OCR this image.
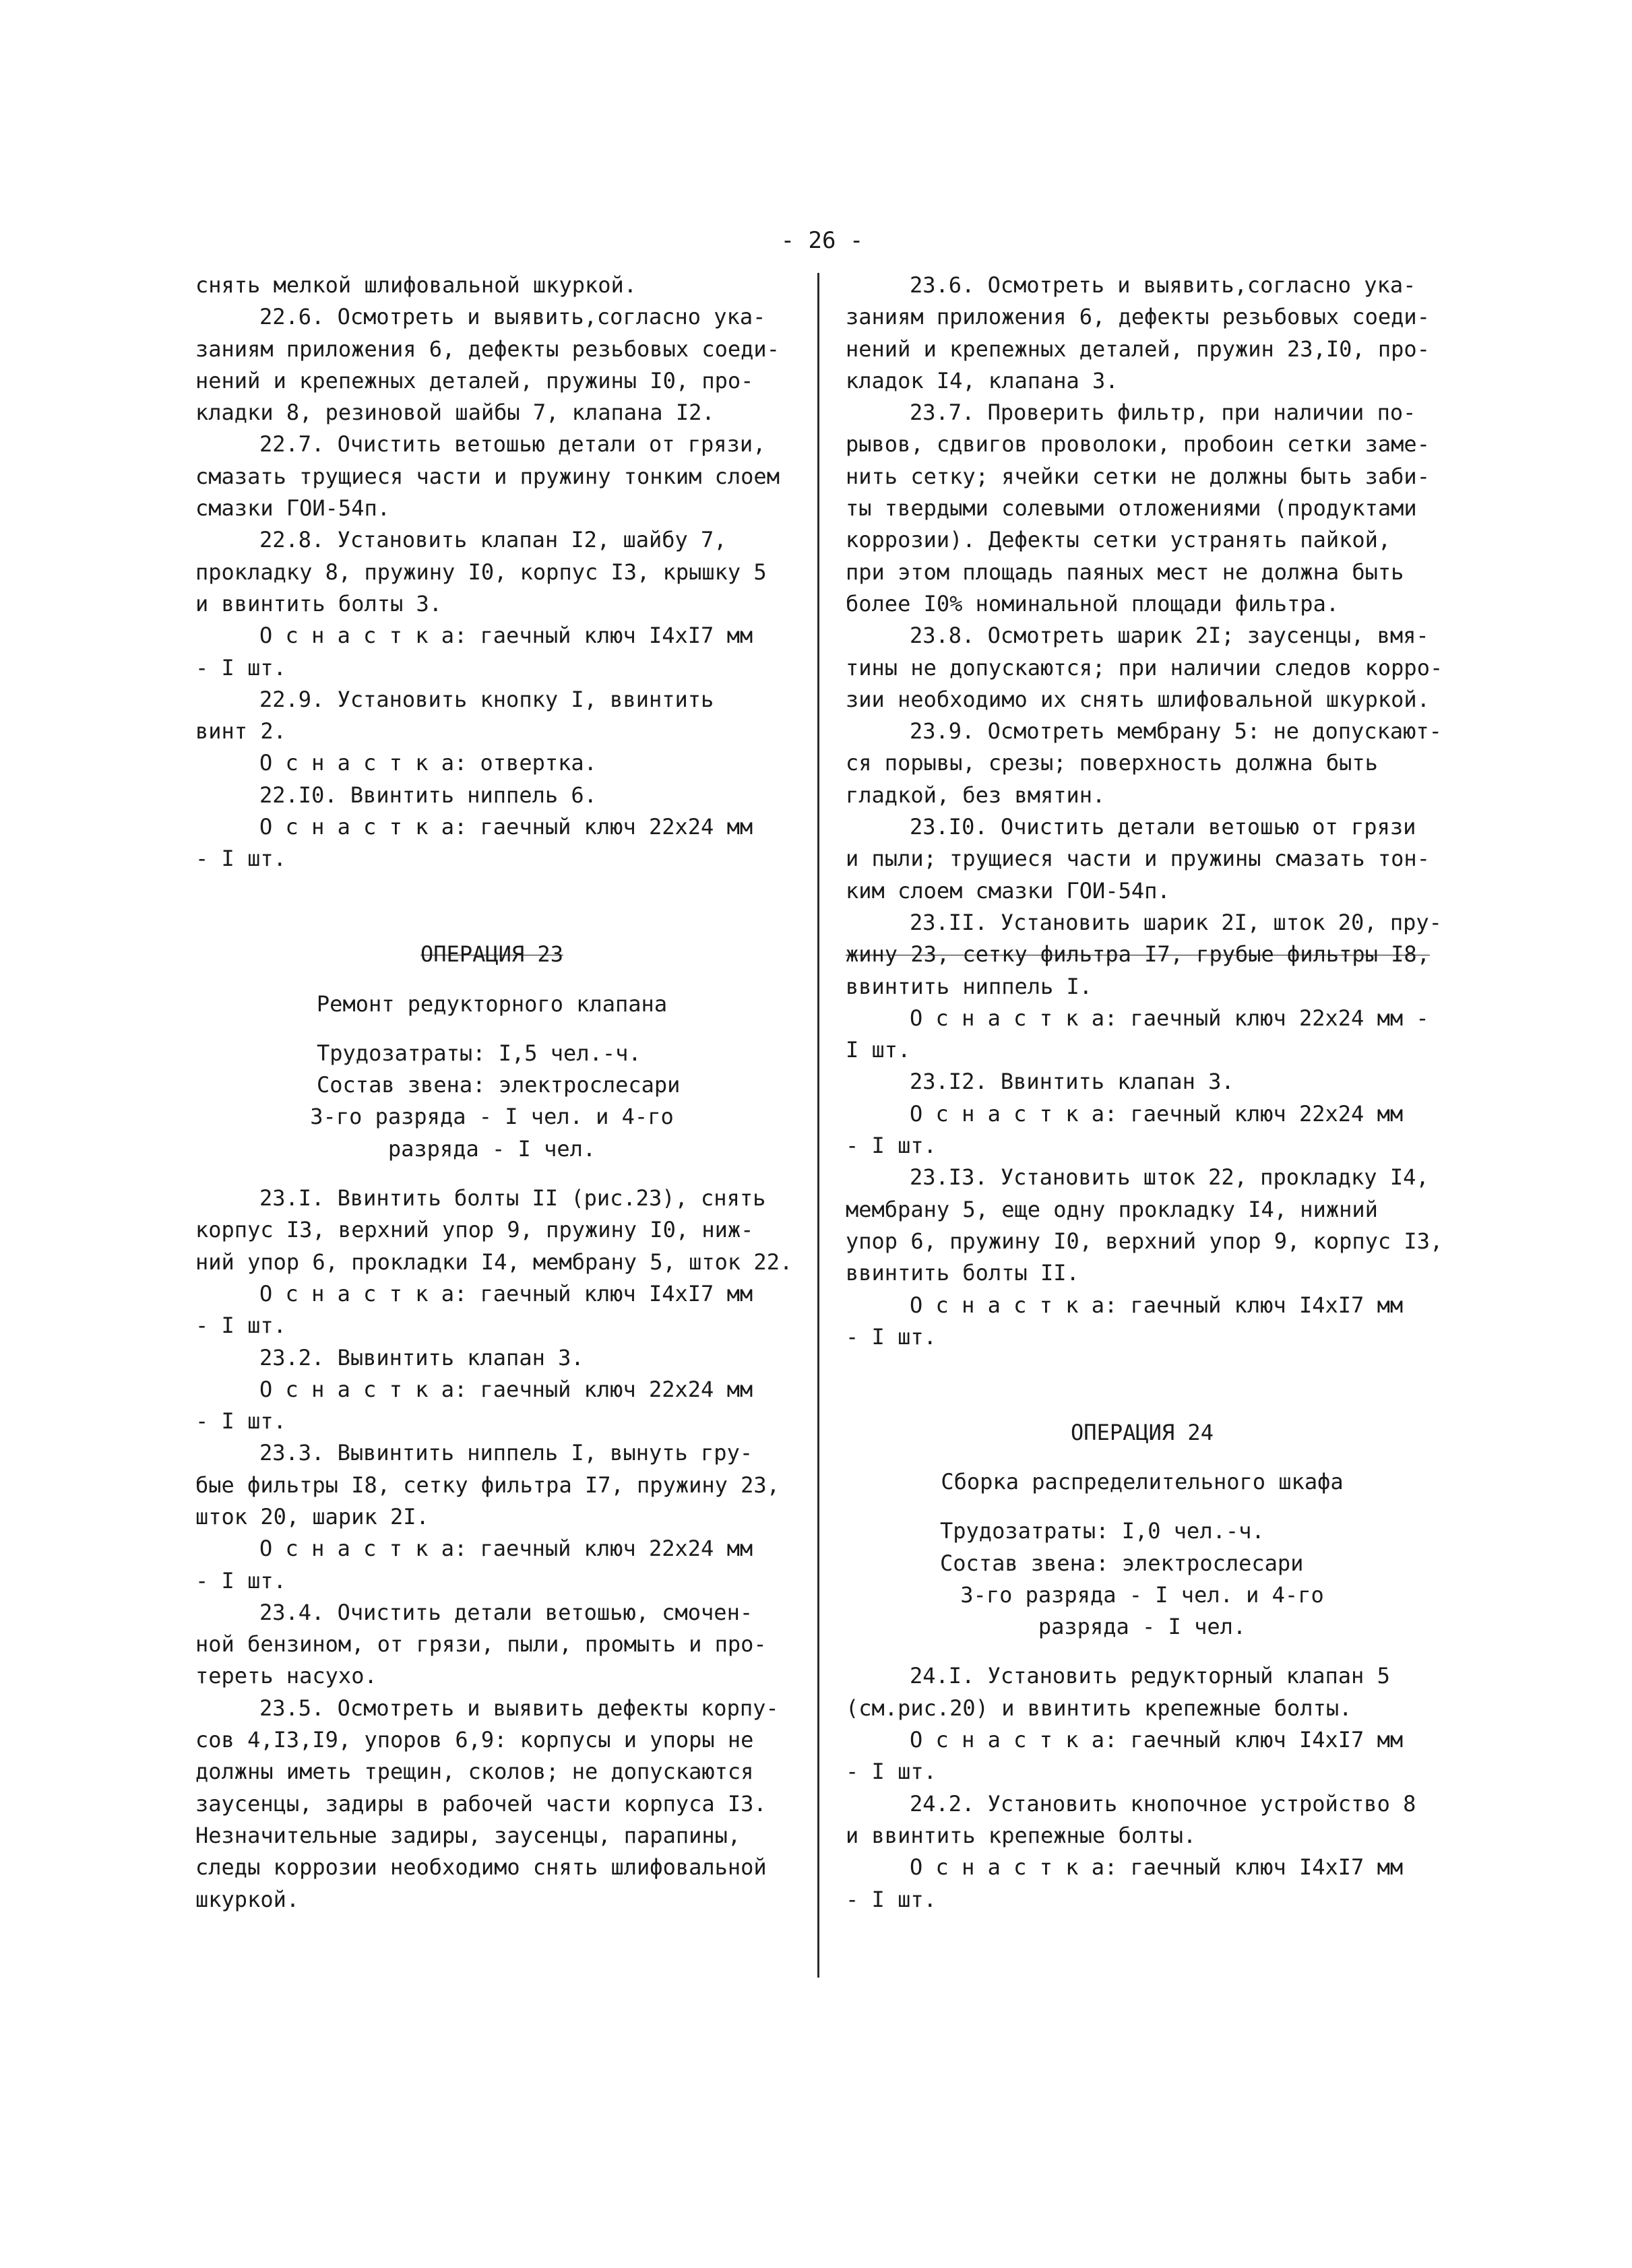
- 26 -
снять мелкой шлифовальной шкуркой.
22.6. Осмотреть и выявить,согласно ука-
заниям приложения 6, дефекты резьбовых соеди-
нений и крепежных деталей, пружины I0, про-
кладки 8, резиновой шайбы 7, клапана I2.
22.7. Очистить ветошью детали от грязи,
смазать трущиеся части и пружину тонким слоем
смазки ГОИ-54п.
22.8. Установить клапан I2, шайбу 7,
прокладку 8, пружину I0, корпус I3, крышку 5
и ввинтить болты 3.
О с н а с т к а: гаечный ключ I4xI7 мм
- I шт.
22.9. Установить кнопку I, ввинтить
винт 2.
О с н а с т к а: отвертка.
22.I0. Ввинтить ниппель 6.
О с н а с т к а: гаечный ключ 22х24 мм
- I шт.
ОПЕРАЦИЯ 23
Ремонт редукторного клапана
Трудозатраты: I,5 чел.-ч.
Состав звена: электрослесари
3-го разряда - I чел. и 4-го
разряда - I чел.
23.I. Ввинтить болты II (рис.23), снять
корпус I3, верхний упор 9, пружину I0, ниж-
ний упор 6, прокладки I4, мембрану 5, шток 22.
О с н а с т к а: гаечный ключ I4xI7 мм
- I шт.
23.2. Вывинтить клапан 3.
О с н а с т к а: гаечный ключ 22х24 мм
- I шт.
23.3. Вывинтить ниппель I, вынуть гру-
бые фильтры I8, сетку фильтра I7, пружину 23,
шток 20, шарик 2I.
О с н а с т к а: гаечный ключ 22х24 мм
- I шт.
23.4. Очистить детали ветошью, смочен-
ной бензином, от грязи, пыли, промыть и про-
тереть насухо.
23.5. Осмотреть и выявить дефекты корпу-
сов 4,I3,I9, упоров 6,9: корпусы и упоры не
должны иметь трещин, сколов; не допускаются
заусенцы, задиры в рабочей части корпуса I3.
Незначительные задиры, заусенцы, парапины,
следы коррозии необходимо снять шлифовальной
шкуркой.
23.6. Осмотреть и выявить,согласно ука-
заниям приложения 6, дефекты резьбовых соеди-
нений и крепежных деталей, пружин 23,I0, про-
кладок I4, клапана 3.
23.7. Проверить фильтр, при наличии по-
рывов, сдвигов проволоки, пробоин сетки заме-
нить сетку; ячейки сетки не должны быть заби-
ты твердыми солевыми отложениями (продуктами
коррозии). Дефекты сетки устранять пайкой,
при этом площадь паяных мест не должна быть
более I0% номинальной площади фильтра.
23.8. Осмотреть шарик 2I; заусенцы, вмя-
тины не допускаются; при наличии следов корро-
зии необходимо их снять шлифовальной шкуркой.
23.9. Осмотреть мембрану 5: не допускают-
ся порывы, срезы; поверхность должна быть
гладкой, без вмятин.
23.I0. Очистить детали ветошью от грязи
и пыли; трущиеся части и пружины смазать тон-
ким слоем смазки ГОИ-54п.
23.II. Установить шарик 2I, шток 20, пру-
жину 23, сетку фильтра I7, грубые фильтры I8,
ввинтить ниппель I.
О с н а с т к а: гаечный ключ 22х24 мм -
I шт.
23.I2. Ввинтить клапан 3.
О с н а с т к а: гаечный ключ 22х24 мм
- I шт.
23.I3. Установить шток 22, прокладку I4,
мембрану 5, еще одну прокладку I4, нижний
упор 6, пружину I0, верхний упор 9, корпус I3,
ввинтить болты II.
О с н а с т к а: гаечный ключ I4xI7 мм
- I шт.
ОПЕРАЦИЯ 24
Сборка распределительного шкафа
Трудозатраты: I,0 чел.-ч.
Состав звена: электрослесари
3-го разряда - I чел. и 4-го
разряда - I чел.
24.I. Установить редукторный клапан 5
(см.рис.20) и ввинтить крепежные болты.
О с н а с т к а: гаечный ключ I4xI7 мм
- I шт.
24.2. Установить кнопочное устройство 8
и ввинтить крепежные болты.
О с н а с т к а: гаечный ключ I4xI7 мм
- I шт.
